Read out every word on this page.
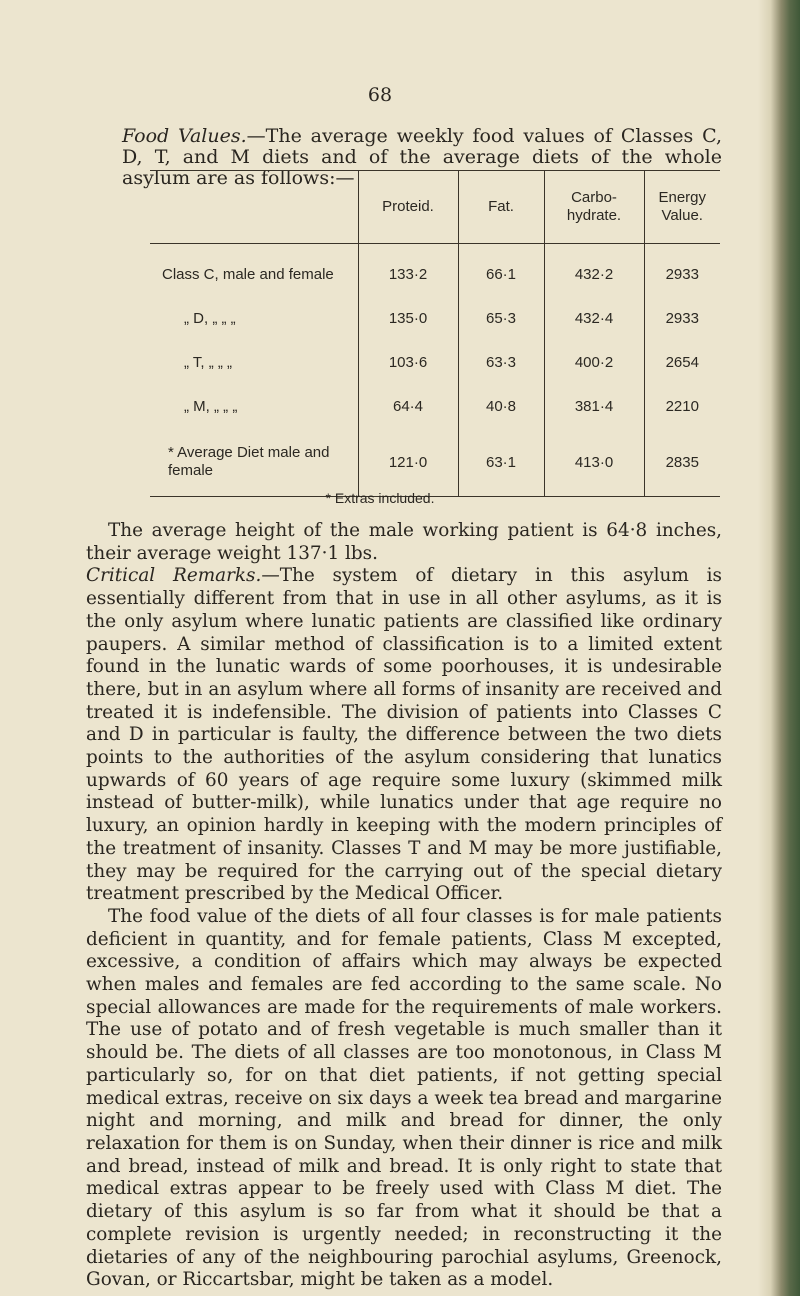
68
Food Values.—The average weekly food values of Classes C, D, T, and M diets and of the average diets of the whole asylum are as follows:—
	Proteid.	Fat.	Carbo-hydrate.	Energy Value.
Class C, male and female	133·2	66·1	432·2	2933
„ D, „ „ „	135·0	65·3	432·4	2933
„ T, „ „ „	103·6	63·3	400·2	2654
„ M, „ „ „	64·4	40·8	381·4	2210
* Average Diet male and female	121·0	63·1	413·0	2835
* Extras included.

The average height of the male working patient is 64·8 inches, their average weight 137·1 lbs.

Critical Remarks.—The system of dietary in this asylum is essentially different from that in use in all other asylums, as it is the only asylum where lunatic patients are classified like ordinary paupers. A similar method of classification is to a limited extent found in the lunatic wards of some poorhouses, it is undesirable there, but in an asylum where all forms of insanity are received and treated it is indefensible. The division of patients into Classes C and D in particular is faulty, the difference between the two diets points to the authorities of the asylum considering that lunatics upwards of 60 years of age require some luxury (skimmed milk instead of butter-milk), while lunatics under that age require no luxury, an opinion hardly in keeping with the modern principles of the treatment of insanity. Classes T and M may be more justifiable, they may be required for the carrying out of the special dietary treatment prescribed by the Medical Officer.

The food value of the diets of all four classes is for male patients deficient in quantity, and for female patients, Class M excepted, excessive, a condition of affairs which may always be expected when males and females are fed according to the same scale. No special allowances are made for the requirements of male workers. The use of potato and of fresh vegetable is much smaller than it should be. The diets of all classes are too monotonous, in Class M particularly so, for on that diet patients, if not getting special medical extras, receive on six days a week tea bread and margarine night and morning, and milk and bread for dinner, the only relaxation for them is on Sunday, when their dinner is rice and milk and bread, instead of milk and bread. It is only right to state that medical extras appear to be freely used with Class M diet. The dietary of this asylum is so far from what it should be that a complete revision is urgently needed; in reconstructing it the dietaries of any of the neighbouring parochial asylums, Greenock, Govan, or Riccartsbar, might be taken as a model.
